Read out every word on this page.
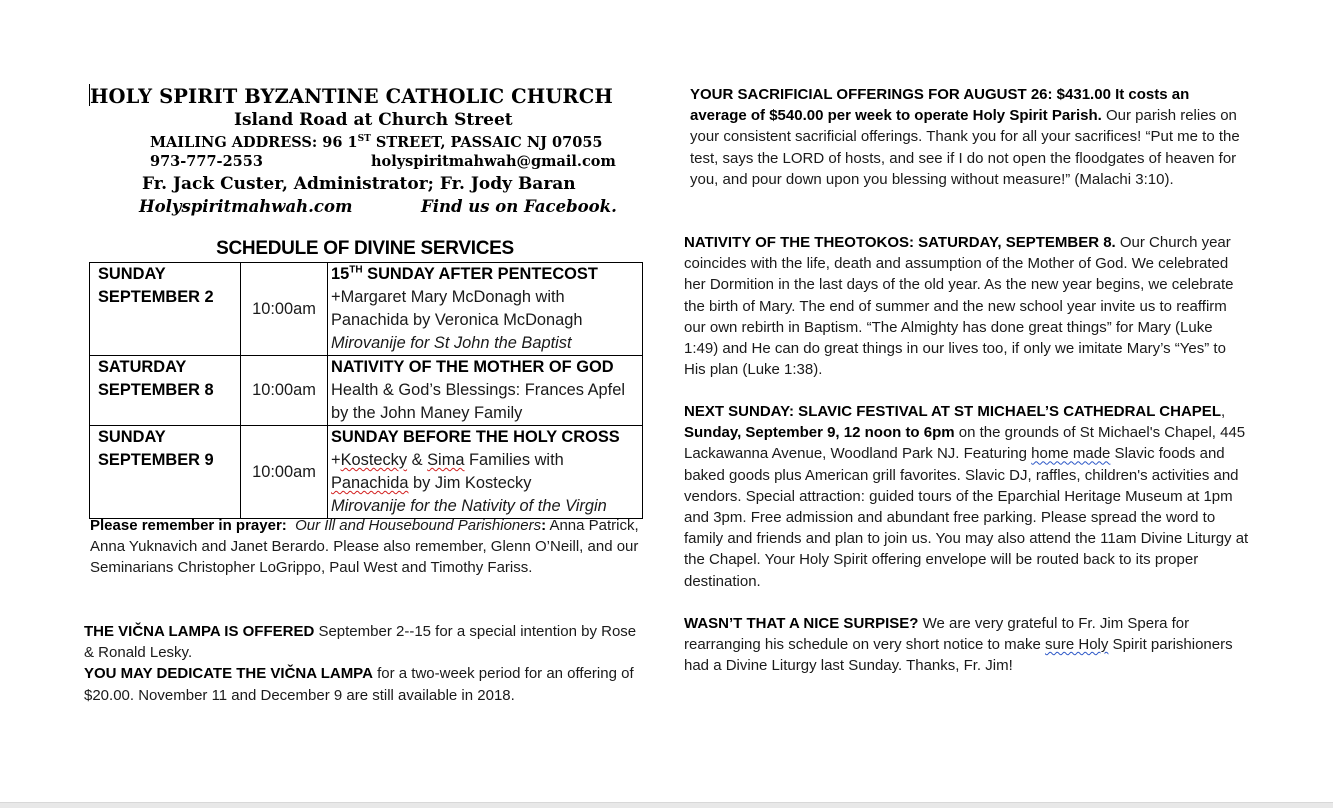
HOLY SPIRIT BYZANTINE CATHOLIC CHURCH
Island Road at Church Street
MAILING ADDRESS: 96 1ST STREET, PASSAIC NJ 07055
973-777-2553	holyspiritmahwah@gmail.com
Fr. Jack Custer, Administrator; Fr. Jody Baran
Holyspiritmahwah.com	Find us on Facebook.
SCHEDULE OF DIVINE SERVICES
SUNDAY
SEPTEMBER 2	10:00am	15TH SUNDAY AFTER PENTECOST
+Margaret Mary McDonagh with
Panachida by Veronica McDonagh
Mirovanije for St John the Baptist
SATURDAY
SEPTEMBER 8	10:00am	NATIVITY OF THE MOTHER OF GOD
Health & God’s Blessings: Frances Apfel
by the John Maney Family
SUNDAY
SEPTEMBER 9	10:00am	SUNDAY BEFORE THE HOLY CROSS
+Kostecky & Sima Families with
Panachida by Jim Kostecky
Mirovanije for the Nativity of the Virgin
Please remember in prayer: Our Ill and Housebound Parishioners: Anna Patrick, Anna Yuknavich and Janet Berardo. Please also remember, Glenn O’Neill, and our Seminarians Christopher LoGrippo, Paul West and Timothy Fariss.

THE VIČNA LAMPA IS OFFERED September 2--15 for a special intention by Rose & Ronald Lesky.

YOU MAY DEDICATE THE VIČNA LAMPA for a two-week period for an offering of $20.00. November 11 and December 9 are still available in 2018.

YOUR SACRIFICIAL OFFERINGS FOR AUGUST 26: $431.00 It costs an average of $540.00 per week to operate Holy Spirit Parish. Our parish relies on your consistent sacrificial offerings. Thank you for all your sacrifices! “Put me to the test, says the LORD of hosts, and see if I do not open the floodgates of heaven for you, and pour down upon you blessing without measure!” (Malachi 3:10).
NATIVITY OF THE THEOTOKOS: SATURDAY, SEPTEMBER 8. Our Church year coincides with the life, death and assumption of the Mother of God. We celebrated her Dormition in the last days of the old year. As the new year begins, we celebrate the birth of Mary. The end of summer and the new school year invite us to reaffirm our own rebirth in Baptism. “The Almighty has done great things” for Mary (Luke 1:49) and He can do great things in our lives too, if only we imitate Mary’s “Yes” to His plan (Luke 1:38).
NEXT SUNDAY: SLAVIC FESTIVAL AT ST MICHAEL’S CATHEDRAL CHAPEL, Sunday, September 9, 12 noon to 6pm on the grounds of St Michael's Chapel, 445 Lackawanna Avenue, Woodland Park NJ. Featuring home made Slavic foods and baked goods plus American grill favorites. Slavic DJ, raffles, children's activities and vendors. Special attraction: guided tours of the Eparchial Heritage Museum at 1pm and 3pm. Free admission and abundant free parking. Please spread the word to family and friends and plan to join us. You may also attend the 11am Divine Liturgy at the Chapel. Your Holy Spirit offering envelope will be routed back to its proper destination.
WASN’T THAT A NICE SURPISE? We are very grateful to Fr. Jim Spera for rearranging his schedule on very short notice to make sure Holy Spirit parishioners had a Divine Liturgy last Sunday. Thanks, Fr. Jim!
